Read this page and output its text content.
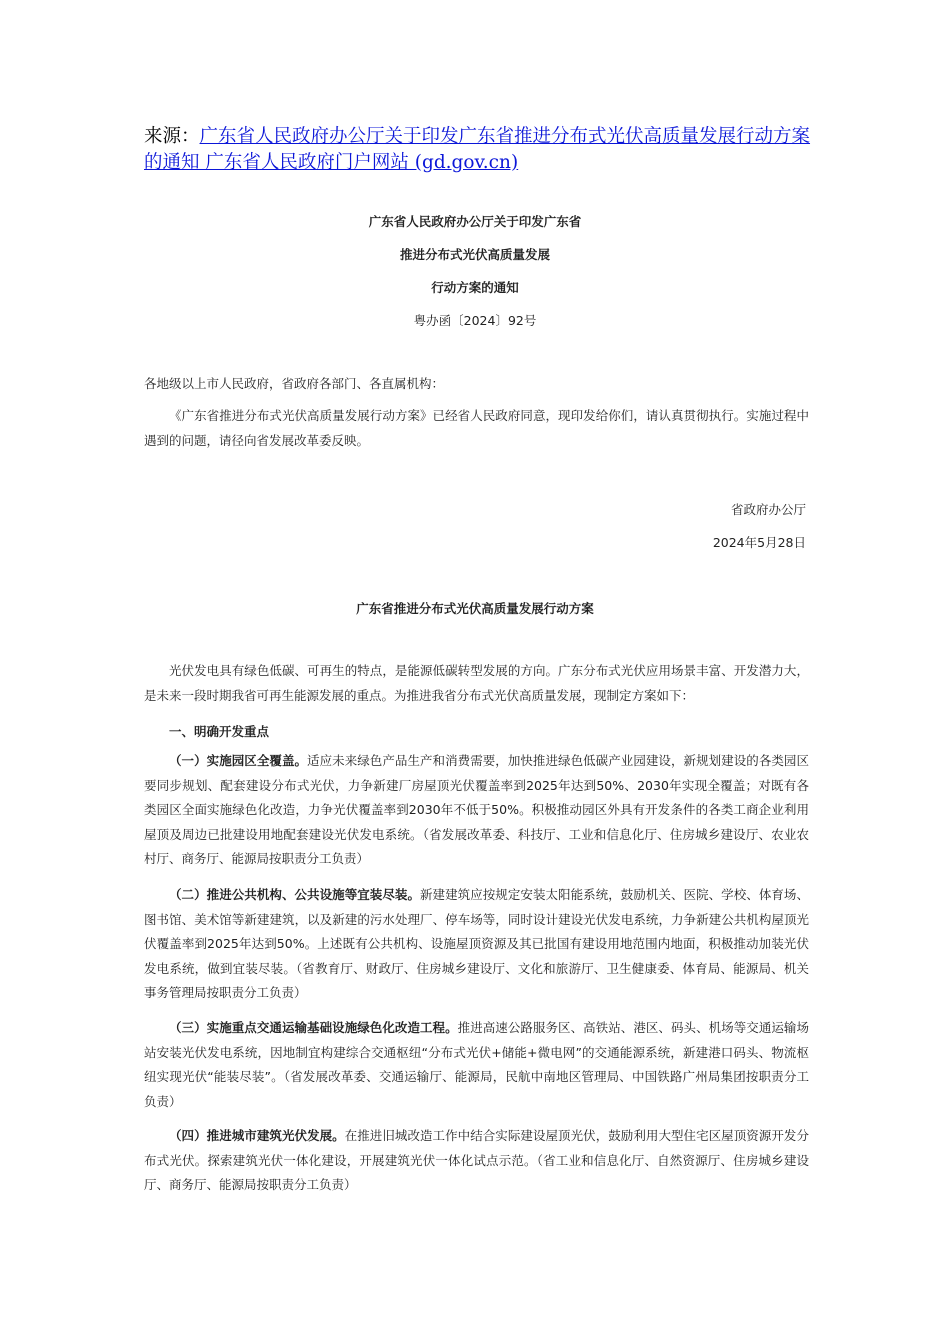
来源：广东省人民政府办公厅关于印发广东省推进分布式光伏高质量发展行动方案的通知 广东省人民政府门户网站 (gd.gov.cn)
广东省人民政府办公厅关于印发广东省
推进分布式光伏高质量发展
行动方案的通知
粤办函〔2024〕92号
各地级以上市人民政府，省政府各部门、各直属机构：
《广东省推进分布式光伏高质量发展行动方案》已经省人民政府同意，现印发给你们，请认真贯彻执行。实施过程中遇到的问题，请径向省发展改革委反映。
省政府办公厅
2024年5月28日
广东省推进分布式光伏高质量发展行动方案
光伏发电具有绿色低碳、可再生的特点，是能源低碳转型发展的方向。广东分布式光伏应用场景丰富、开发潜力大，是未来一段时期我省可再生能源发展的重点。为推进我省分布式光伏高质量发展，现制定方案如下：
一、明确开发重点
（一）实施园区全覆盖。适应未来绿色产品生产和消费需要，加快推进绿色低碳产业园建设，新规划建设的各类园区要同步规划、配套建设分布式光伏，力争新建厂房屋顶光伏覆盖率到2025年达到50%、2030年实现全覆盖；对既有各类园区全面实施绿色化改造，力争光伏覆盖率到2030年不低于50%。积极推动园区外具有开发条件的各类工商企业利用屋顶及周边已批建设用地配套建设光伏发电系统。（省发展改革委、科技厅、工业和信息化厅、住房城乡建设厅、农业农村厅、商务厅、能源局按职责分工负责）
（二）推进公共机构、公共设施等宜装尽装。新建建筑应按规定安装太阳能系统，鼓励机关、医院、学校、体育场、图书馆、美术馆等新建建筑，以及新建的污水处理厂、停车场等，同时设计建设光伏发电系统，力争新建公共机构屋顶光伏覆盖率到2025年达到50%。上述既有公共机构、设施屋顶资源及其已批国有建设用地范围内地面，积极推动加装光伏发电系统，做到宜装尽装。（省教育厅、财政厅、住房城乡建设厅、文化和旅游厅、卫生健康委、体育局、能源局、机关事务管理局按职责分工负责）
（三）实施重点交通运输基础设施绿色化改造工程。推进高速公路服务区、高铁站、港区、码头、机场等交通运输场站安装光伏发电系统，因地制宜构建综合交通枢纽“分布式光伏+储能+微电网”的交通能源系统，新建港口码头、物流枢纽实现光伏“能装尽装”。（省发展改革委、交通运输厅、能源局，民航中南地区管理局、中国铁路广州局集团按职责分工负责）
（四）推进城市建筑光伏发展。在推进旧城改造工作中结合实际建设屋顶光伏，鼓励利用大型住宅区屋顶资源开发分布式光伏。探索建筑光伏一体化建设，开展建筑光伏一体化试点示范。（省工业和信息化厅、自然资源厅、住房城乡建设厅、商务厅、能源局按职责分工负责）
